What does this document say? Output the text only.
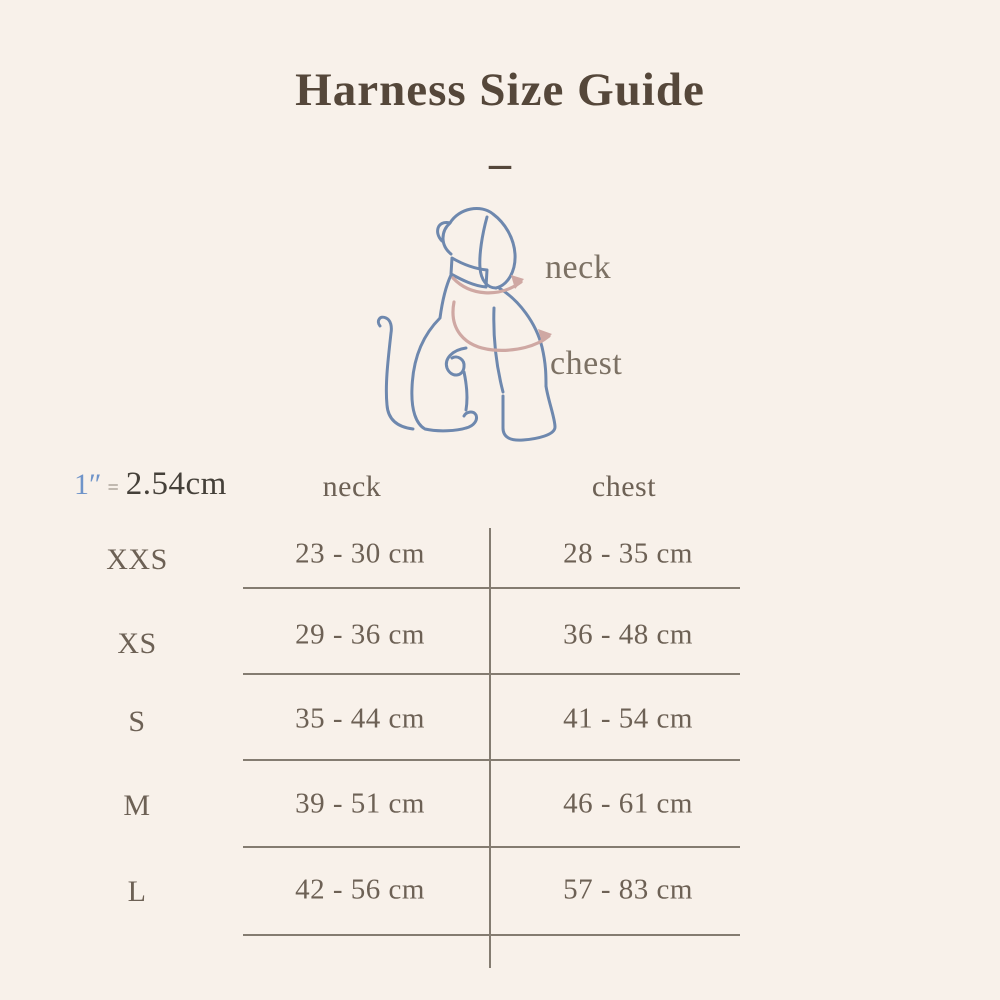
Harness Size Guide
–
neck
chest
1″ = 2.54cm	neck	chest
XXS	23 - 30 cm	28 - 35 cm
XS	29 - 36 cm	36 - 48 cm
S	35 - 44 cm	41 - 54 cm
M	39 - 51 cm	46 - 61 cm
L	42 - 56 cm	57 - 83 cm
